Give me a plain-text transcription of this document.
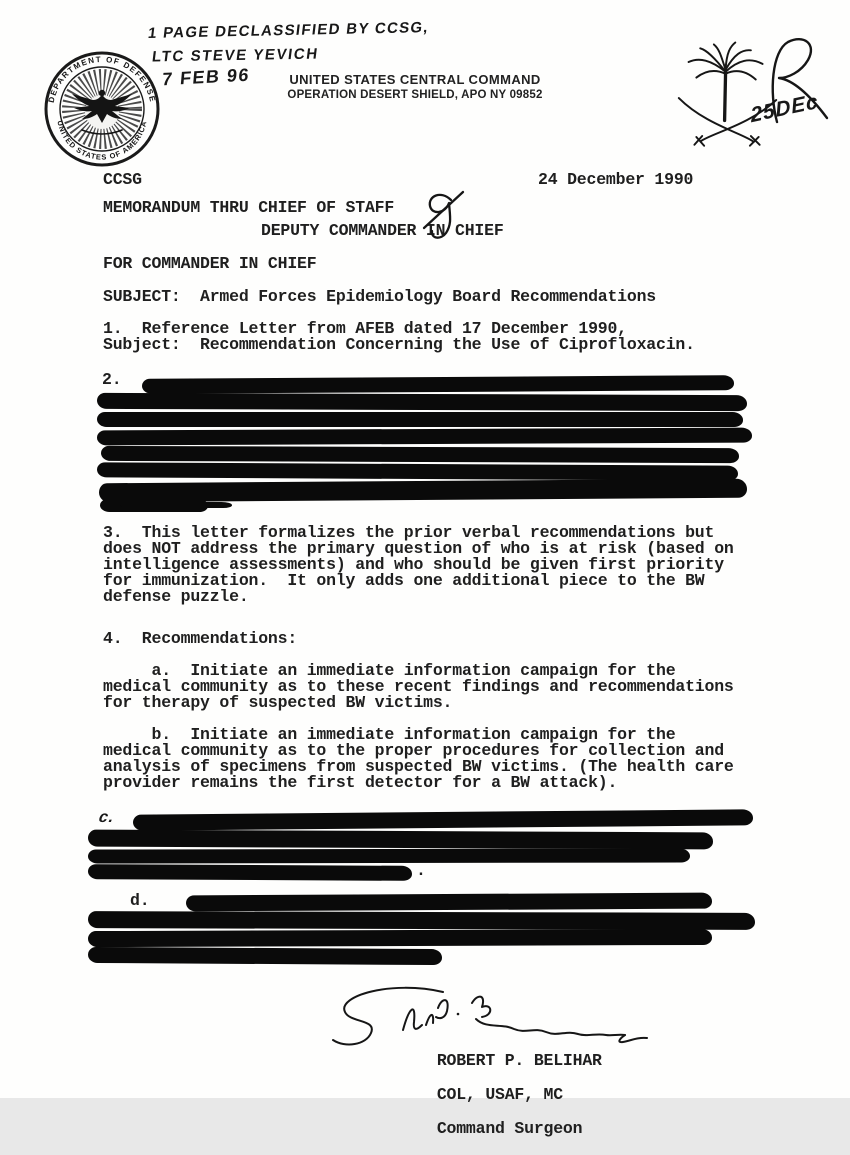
1 PAGE DECLASSIFIED BY CCSG,
LTC STEVE YEVICH
7 FEB 96
DEPARTMENT OF DEFENSE
UNITED STATES OF AMERICA
UNITED STATES CENTRAL COMMAND
OPERATION DESERT SHIELD, APO NY 09852	25DEc
CCSG	24 December 1990
MEMORANDUM THRU CHIEF OF STAFF
DEPUTY COMMANDER IN CHIEF
FOR COMMANDER IN CHIEF
SUBJECT:  Armed Forces Epidemiology Board Recommendations
1.  Reference Letter from AFEB dated 17 December 1990,
Subject:  Recommendation Concerning the Use of Ciprofloxacin.
2.
3.  This letter formalizes the prior verbal recommendations but
does NOT address the primary question of who is at risk (based on
intelligence assessments) and who should be given first priority
for immunization.  It only adds one additional piece to the BW
defense puzzle.
4.  Recommendations:
a.  Initiate an immediate information campaign for the
medical community as to these recent findings and recommendations
for therapy of suspected BW victims.
b.  Initiate an immediate information campaign for the
medical community as to the proper procedures for collection and
analysis of specimens from suspected BW victims. (The health care
provider remains the first detector for a BW attack).
c.
.
d.

ROBERT P. BELIHAR

COL, USAF, MC

Command Surgeon
